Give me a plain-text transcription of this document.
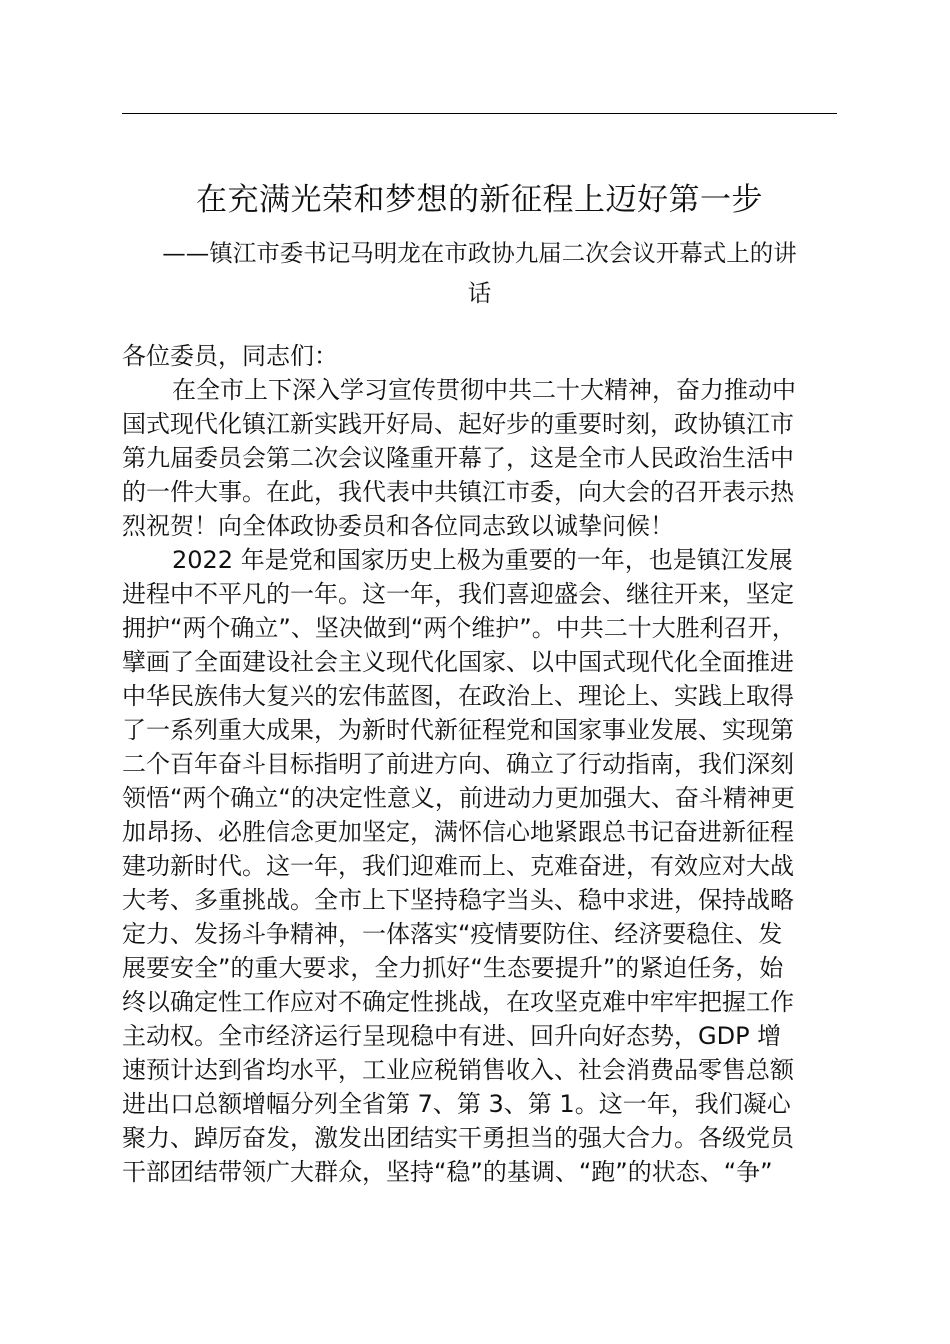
在充满光荣和梦想的新征程上迈好第一步
——镇江市委书记马明龙在市政协九届二次会议开幕式上的讲
话
各位委员，同志们：
在全市上下深入学习宣传贯彻中共二十大精神，奋力推动中
国式现代化镇江新实践开好局、起好步的重要时刻，政协镇江市
第九届委员会第二次会议隆重开幕了，这是全市人民政治生活中
的一件大事。在此，我代表中共镇江市委，向大会的召开表示热
烈祝贺！向全体政协委员和各位同志致以诚挚问候！
2022 年是党和国家历史上极为重要的一年，也是镇江发展
进程中不平凡的一年。这一年，我们喜迎盛会、继往开来，坚定
拥护“两个确立”、坚决做到“两个维护”。中共二十大胜利召开，
擘画了全面建设社会主义现代化国家、以中国式现代化全面推进
中华民族伟大复兴的宏伟蓝图，在政治上、理论上、实践上取得
了一系列重大成果，为新时代新征程党和国家事业发展、实现第
二个百年奋斗目标指明了前进方向、确立了行动指南，我们深刻
领悟“两个确立“的决定性意义，前进动力更加强大、奋斗精神更
加昂扬、必胜信念更加坚定，满怀信心地紧跟总书记奋进新征程
建功新时代。这一年，我们迎难而上、克难奋进，有效应对大战
大考、多重挑战。全市上下坚持稳字当头、稳中求进，保持战略
定力、发扬斗争精神，一体落实“疫情要防住、经济要稳住、发
展要安全”的重大要求，全力抓好“生态要提升”的紧迫任务，始
终以确定性工作应对不确定性挑战，在攻坚克难中牢牢把握工作
主动权。全市经济运行呈现稳中有进、回升向好态势，GDP 增
速预计达到省均水平，工业应税销售收入、社会消费品零售总额
进出口总额增幅分列全省第 7、第 3、第 1。这一年，我们凝心
聚力、踔厉奋发，激发出团结实干勇担当的强大合力。各级党员
干部团结带领广大群众，坚持“稳”的基调、“跑”的状态、“争”
